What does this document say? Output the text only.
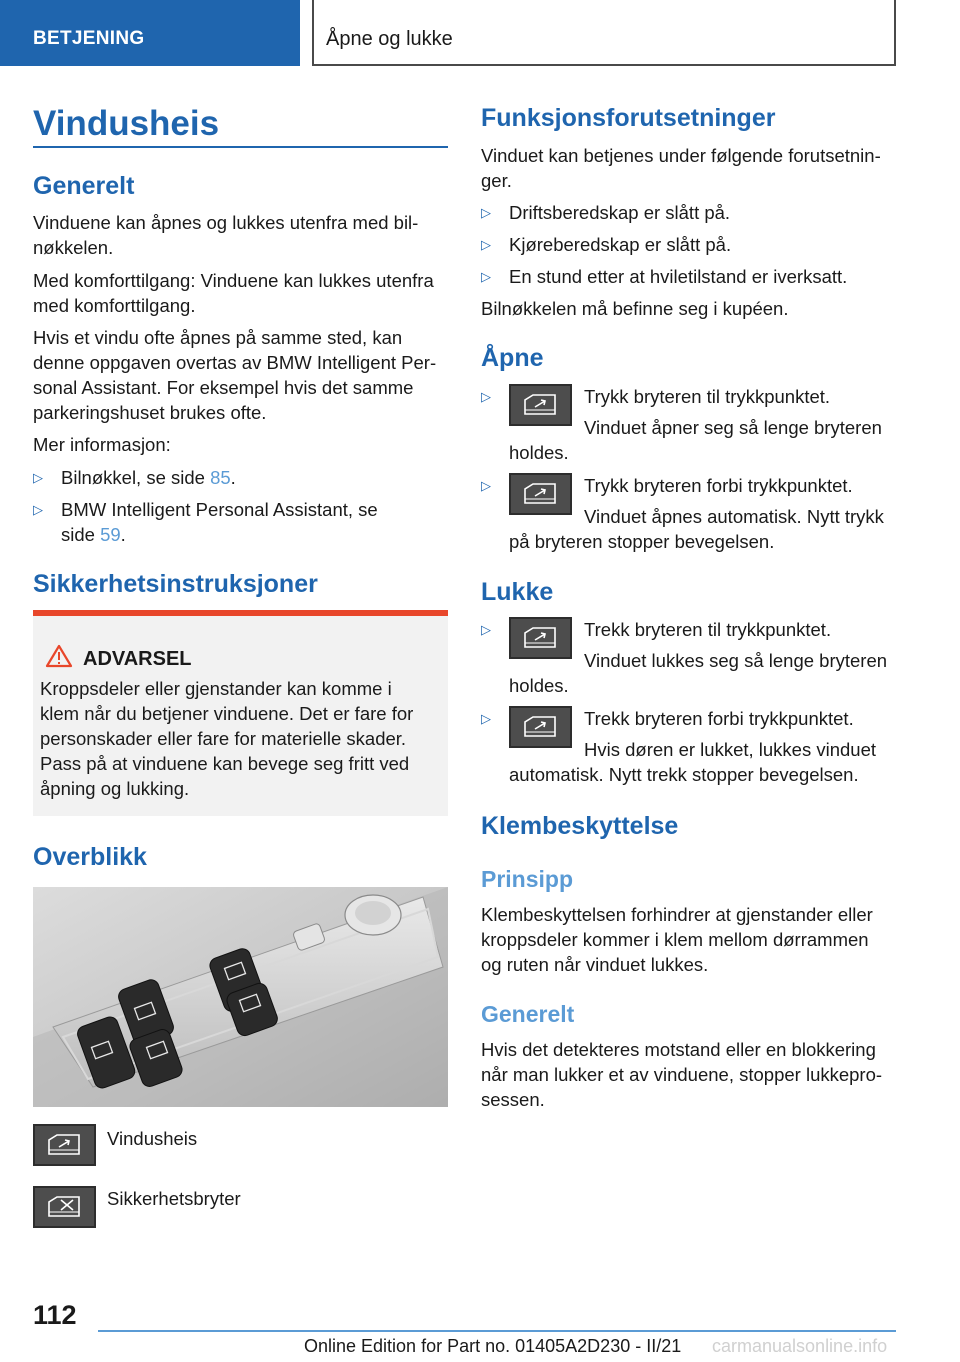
BETJENING	Åpne og lukke
Vindusheis
Generelt
Vinduene kan åpnes og lukkes utenfra med bil-
nøkkelen.
Med komforttilgang: Vinduene kan lukkes utenfra
med komforttilgang.
Hvis et vindu ofte åpnes på samme sted, kan
denne oppgaven overtas av BMW Intelligent Per-
sonal Assistant. For eksempel hvis det samme
parkeringshuset brukes ofte.
Mer informasjon:
▷ Bilnøkkel, se side 85.
▷ BMW Intelligent Personal Assistant, se
side 59.
Sikkerhetsinstruksjoner
ADVARSEL
Kroppsdeler eller gjenstander kan komme i
klem når du betjener vinduene. Det er fare for
personskader eller fare for materielle skader.
Pass på at vinduene kan bevege seg fritt ved
åpning og lukking.
Overblikk
Vindusheis
Sikkerhetsbryter
Funksjonsforutsetninger
Vinduet kan betjenes under følgende forutsetnin-
ger.
▷ Driftsberedskap er slått på.
▷ Kjøreberedskap er slått på.
▷ En stund etter at hviletilstand er iverksatt.
Bilnøkkelen må befinne seg i kupéen.
Åpne
▷	Trykk bryteren til trykkpunktet.
Vinduet åpner seg så lenge bryteren
holdes.
▷	Trykk bryteren forbi trykkpunktet.
Vinduet åpnes automatisk. Nytt trykk
på bryteren stopper bevegelsen.
Lukke
▷	Trekk bryteren til trykkpunktet.
Vinduet lukkes seg så lenge bryteren
holdes.
▷	Trekk bryteren forbi trykkpunktet.
Hvis døren er lukket, lukkes vinduet
automatisk. Nytt trekk stopper bevegelsen.
Klembeskyttelse
Prinsipp
Klembeskyttelsen forhindrer at gjenstander eller
kroppsdeler kommer i klem mellom dørrammen
og ruten når vinduet lukkes.
Generelt
Hvis det detekteres motstand eller en blokkering
når man lukker et av vinduene, stopper lukkepro-
sessen.
112
Online Edition for Part no. 01405A2D230 - II/21 carmanualsonline.info
